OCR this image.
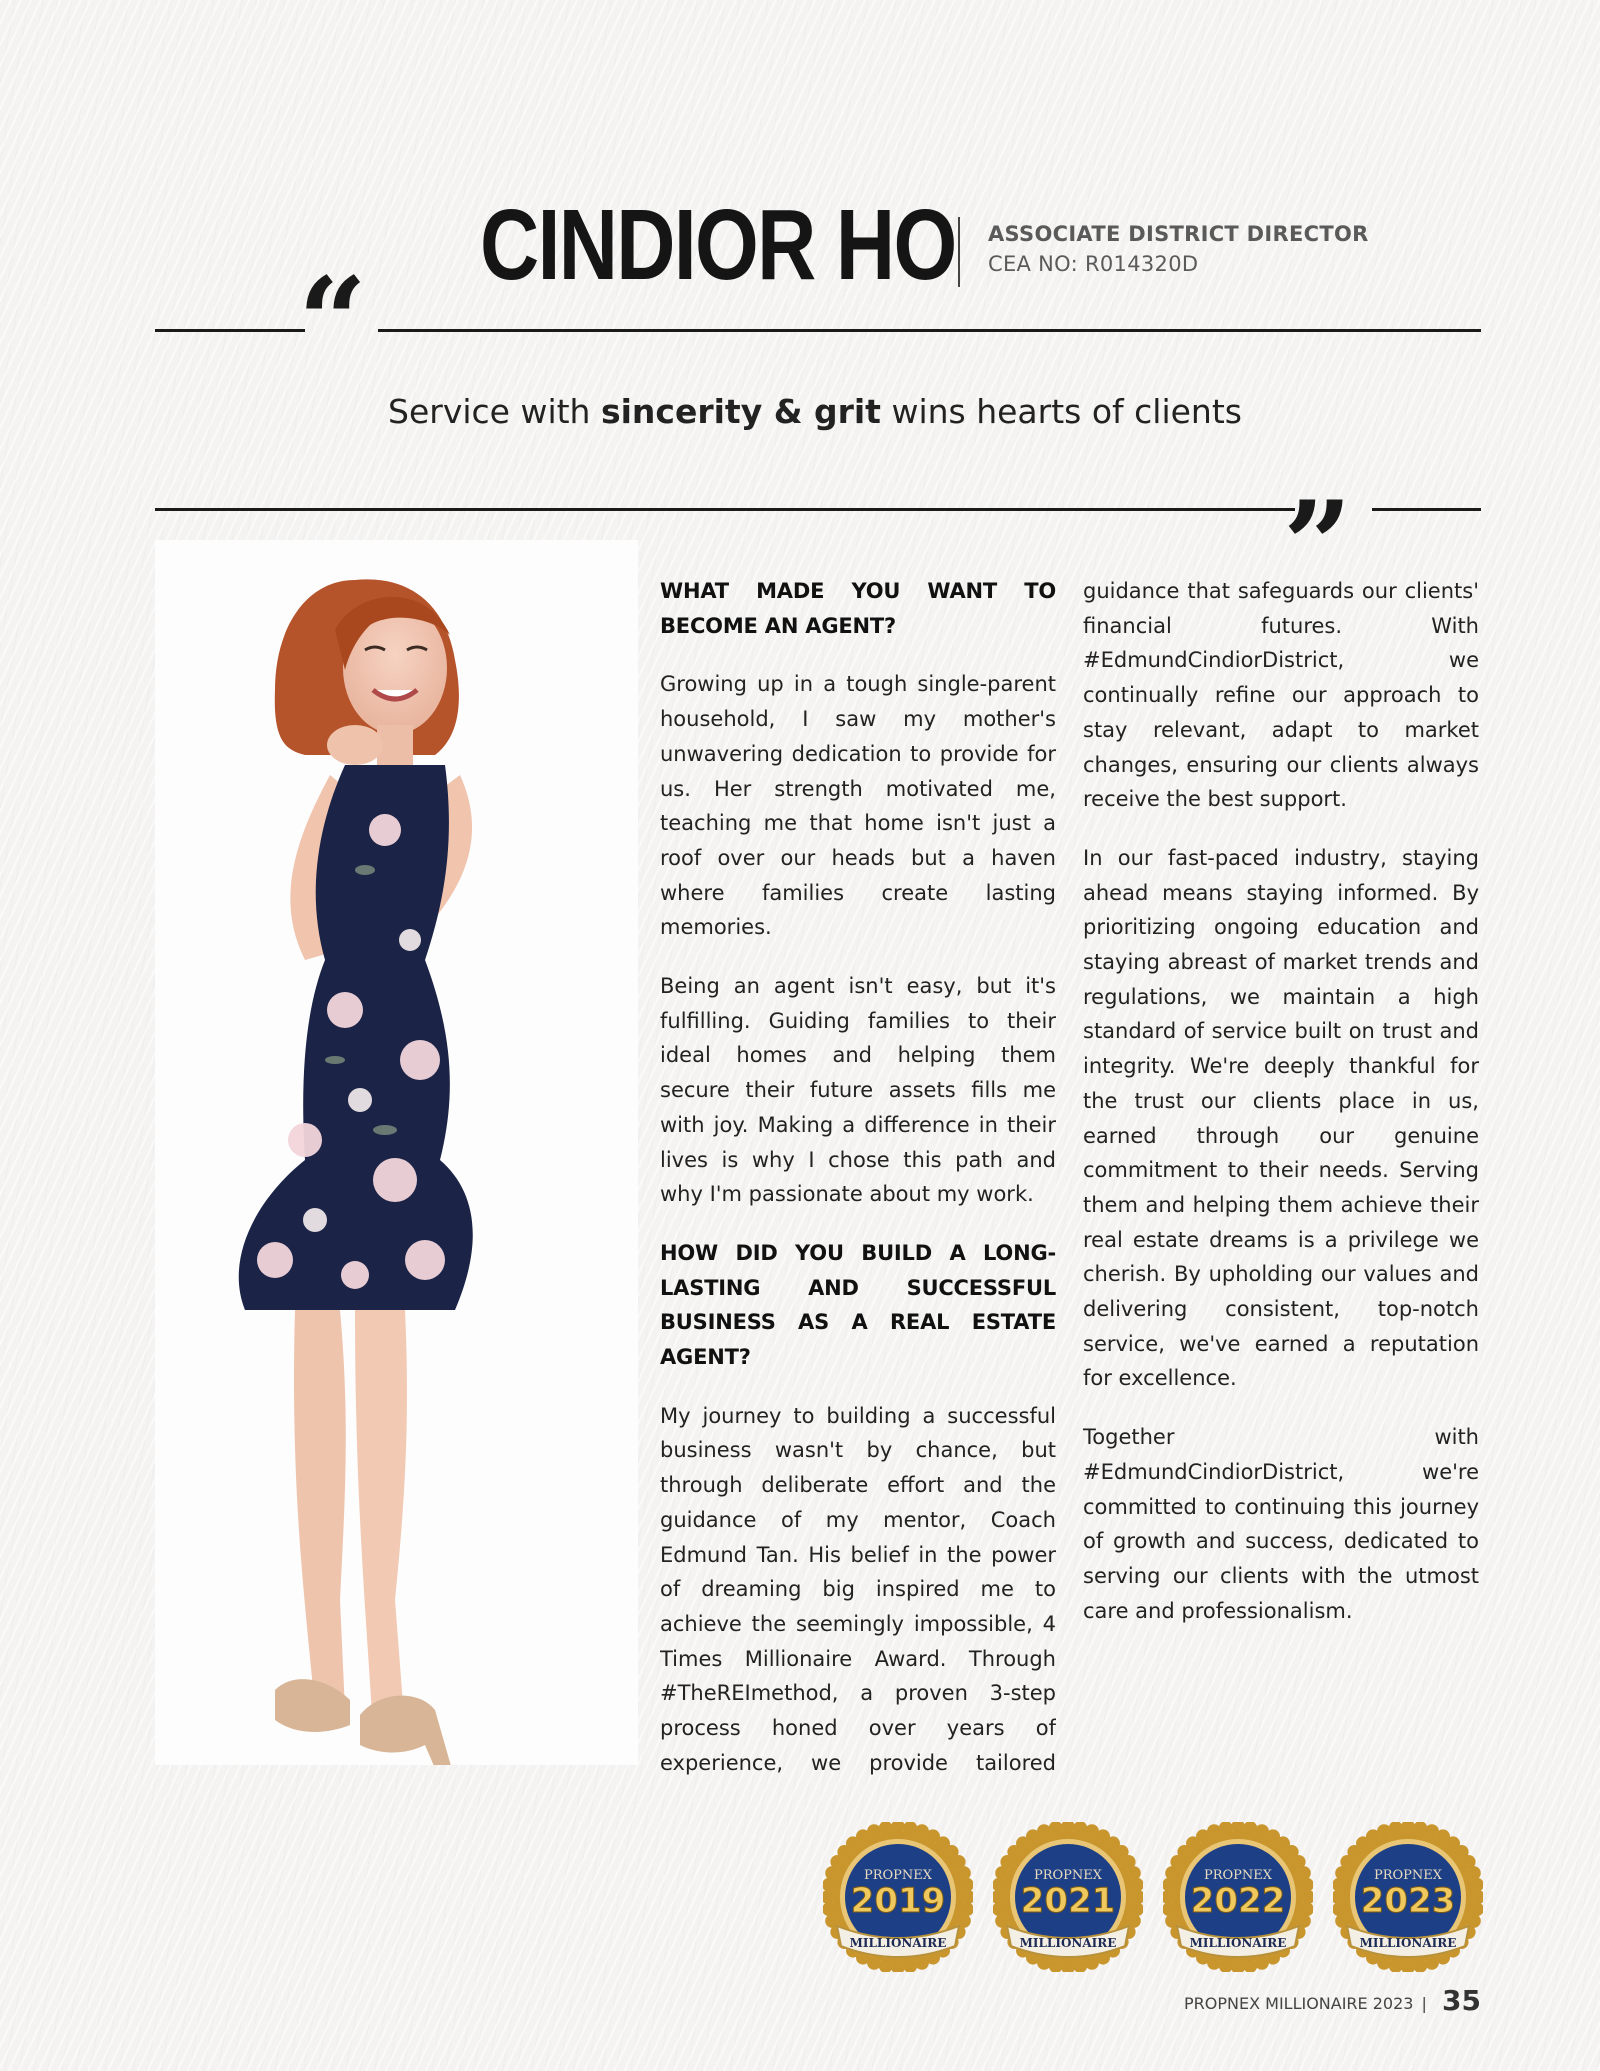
CINDIOR HO ASSOCIATE DISTRICT DIRECTOR
CEA NO: R014320D
“
Service with sincerity & grit wins hearts of clients
”
WHAT MADE YOU WANT TO BECOME AN AGENT?

Growing up in a tough single-parent household, I saw my mother's unwavering dedication to provide for us. Her strength motivated me, teaching me that home isn't just a roof over our heads but a haven where families create lasting memories.

Being an agent isn't easy, but it's fulfilling. Guiding families to their ideal homes and helping them secure their future assets fills me with joy. Making a difference in their lives is why I chose this path and why I'm passionate about my work.

HOW DID YOU BUILD A LONG-LASTING AND SUCCESSFUL BUSINESS AS A REAL ESTATE AGENT?

My journey to building a successful business wasn't by chance, but through deliberate effort and the guidance of my mentor, Coach Edmund Tan. His belief in the power of dreaming big inspired me to achieve the seemingly impossible, 4 Times Millionaire Award. Through #TheREImethod, a proven 3-step process honed over years of experience, we provide tailored

guidance that safeguards our clients' financial futures. With #EdmundCindiorDistrict, we continually refine our approach to stay relevant, adapt to market changes, ensuring our clients always receive the best support.

In our fast-paced industry, staying ahead means staying informed. By prioritizing ongoing education and staying abreast of market trends and regulations, we maintain a high standard of service built on trust and integrity. We're deeply thankful for the trust our clients place in us, earned through our genuine commitment to their needs. Serving them and helping them achieve their real estate dreams is a privilege we cherish. By upholding our values and delivering consistent, top-notch service, we've earned a reputation for excellence.

Together with #EdmundCindiorDistrict, we're committed to continuing this journey of growth and success, dedicated to serving our clients with the utmost care and professionalism.

PROPNEX
2019
MILLIONAIRE
PROPNEX
2021
MILLIONAIRE
PROPNEX
2022
MILLIONAIRE
PROPNEX
2023
MILLIONAIRE
PROPNEX MILLIONAIRE 2023 | 35
